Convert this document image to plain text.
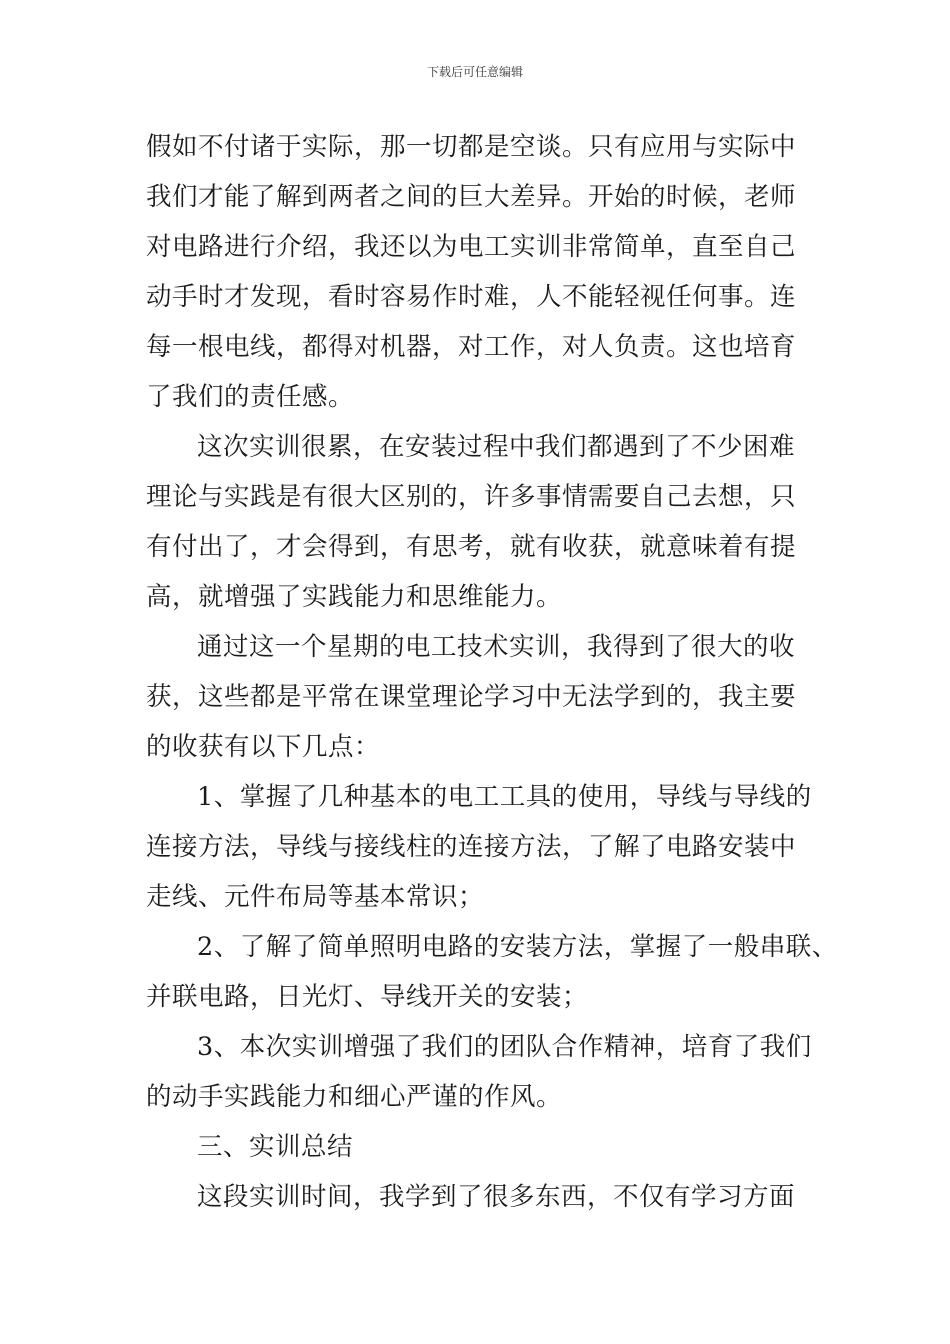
下载后可任意编辑
假如不付诸于实际，那一切都是空谈。只有应用与实际中
我们才能了解到两者之间的巨大差异。开始的时候，老师
对电路进行介绍，我还以为电工实训非常简单，直至自己
动手时才发现，看时容易作时难，人不能轻视任何事。连
每一根电线，都得对机器，对工作，对人负责。这也培育
了我们的责任感。
这次实训很累，在安装过程中我们都遇到了不少困难
理论与实践是有很大区别的，许多事情需要自己去想，只
有付出了，才会得到，有思考，就有收获，就意味着有提
高，就增强了实践能力和思维能力。
通过这一个星期的电工技术实训，我得到了很大的收
获，这些都是平常在课堂理论学习中无法学到的，我主要
的收获有以下几点：
1、掌握了几种基本的电工工具的使用，导线与导线的
连接方法，导线与接线柱的连接方法，了解了电路安装中
走线、元件布局等基本常识；
2、了解了简单照明电路的安装方法，掌握了一般串联、
并联电路，日光灯、导线开关的安装；
3、本次实训增强了我们的团队合作精神，培育了我们
的动手实践能力和细心严谨的作风。
三、实训总结
这段实训时间，我学到了很多东西，不仅有学习方面
